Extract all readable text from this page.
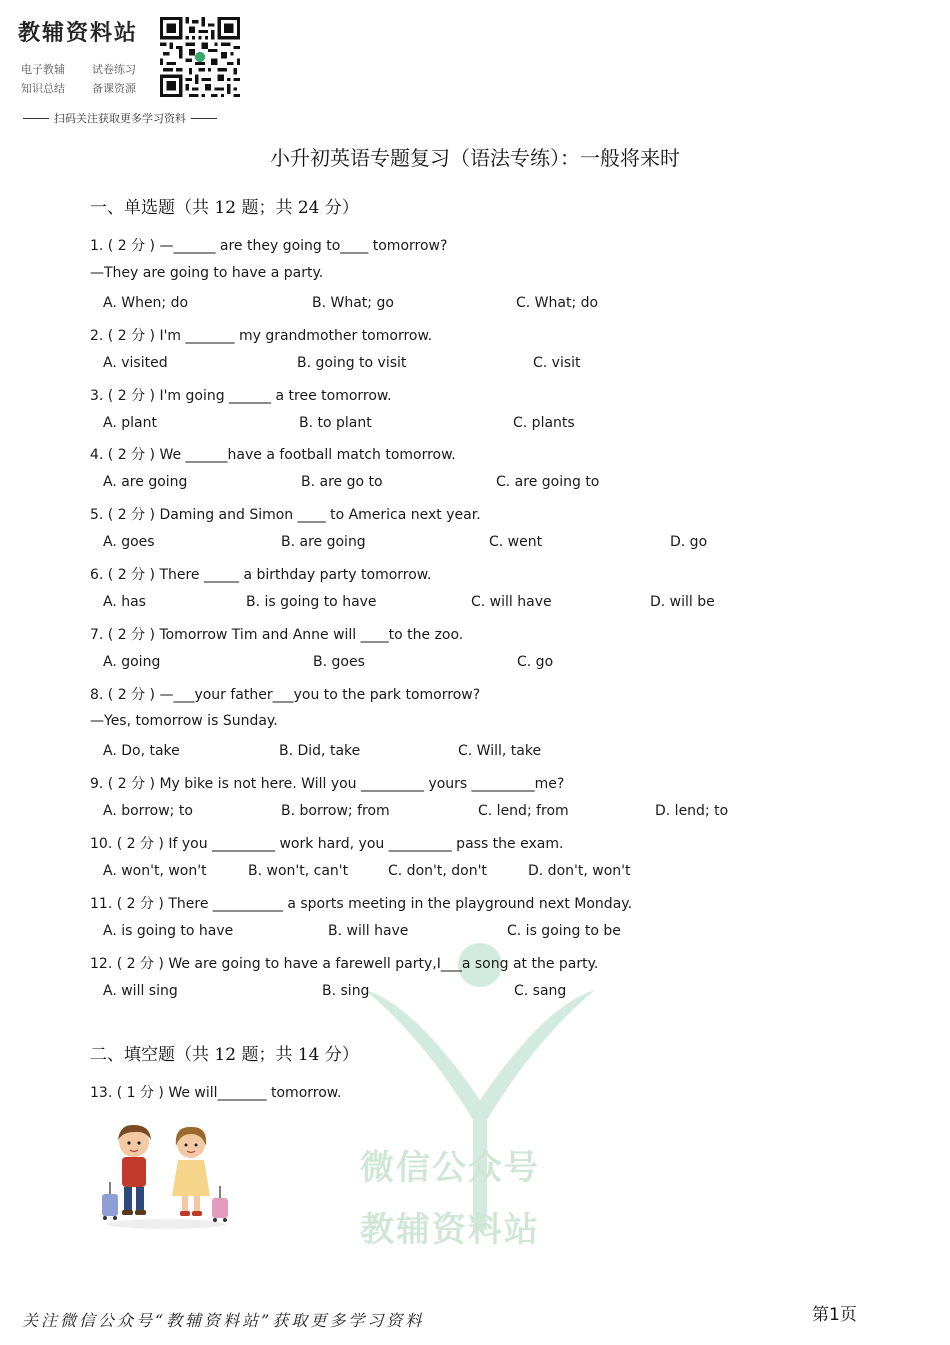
教辅资料站
电子教辅 试卷练习
知识总结 备课资源
扫码关注获取更多学习资料
小升初英语专题复习（语法专练）：一般将来时
微信公众号
教辅资料站
一、单选题（共 12 题；共 24 分）
1. ( 2 分 ) —______ are they going to____ tomorrow?
—They are going to have a party.
A. When; do	B. What; go	C. What; do
2. ( 2 分 ) I'm _______ my grandmother tomorrow.
A. visited	B. going to visit	C. visit
3. ( 2 分 ) I'm going ______ a tree tomorrow.
A. plant	B. to plant	C. plants
4. ( 2 分 ) We ______have a football match tomorrow.
A. are going	B. are go to	C. are going to
5. ( 2 分 ) Daming and Simon ____ to America next year.
A. goes	B. are going	C. went	D. go
6. ( 2 分 ) There _____ a birthday party tomorrow.
A. has	B. is going to have	C. will have	D. will be
7. ( 2 分 ) Tomorrow Tim and Anne will ____to the zoo.
A. going	B. goes	C. go
8. ( 2 分 ) —___your father___you to the park tomorrow?
—Yes, tomorrow is Sunday.
A. Do, take	B. Did, take	C. Will, take
9. ( 2 分 ) My bike is not here. Will you _________ yours _________me?
A. borrow; to	B. borrow; from	C. lend; from	D. lend; to
10. ( 2 分 ) If you _________ work hard, you _________ pass the exam.
A. won't, won't	B. won't, can't	C. don't, don't	D. don't, won't
11. ( 2 分 ) There __________ a sports meeting in the playground next Monday.
A. is going to have	B. will have	C. is going to be
12. ( 2 分 ) We are going to have a farewell party,I___a song at the party.
A. will sing	B. sing	C. sang
二、填空题（共 12 题；共 14 分）
13. ( 1 分 ) We will_______ tomorrow.
关注微信公众号“教辅资料站”获取更多学习资料	第1页
